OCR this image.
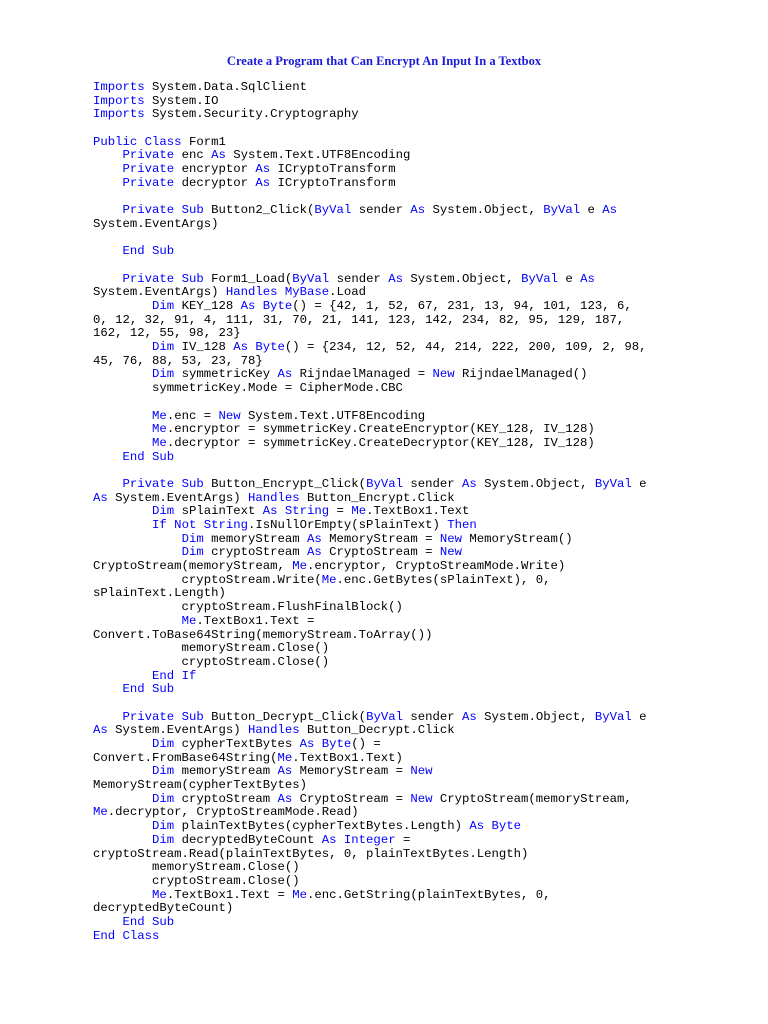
Create a Program that Can Encrypt An Input In a Textbox
Imports System.Data.SqlClient
Imports System.IO
Imports System.Security.Cryptography

Public Class Form1
Private enc As System.Text.UTF8Encoding
Private encryptor As ICryptoTransform
Private decryptor As ICryptoTransform

Private Sub Button2_Click(ByVal sender As System.Object, ByVal e As
System.EventArgs)

End Sub

Private Sub Form1_Load(ByVal sender As System.Object, ByVal e As
System.EventArgs) Handles MyBase.Load
Dim KEY_128 As Byte() = {42, 1, 52, 67, 231, 13, 94, 101, 123, 6,
0, 12, 32, 91, 4, 111, 31, 70, 21, 141, 123, 142, 234, 82, 95, 129, 187,
162, 12, 55, 98, 23}
Dim IV_128 As Byte() = {234, 12, 52, 44, 214, 222, 200, 109, 2, 98,
45, 76, 88, 53, 23, 78}
Dim symmetricKey As RijndaelManaged = New RijndaelManaged()
symmetricKey.Mode = CipherMode.CBC

Me.enc = New System.Text.UTF8Encoding
Me.encryptor = symmetricKey.CreateEncryptor(KEY_128, IV_128)
Me.decryptor = symmetricKey.CreateDecryptor(KEY_128, IV_128)
End Sub

Private Sub Button_Encrypt_Click(ByVal sender As System.Object, ByVal e
As System.EventArgs) Handles Button_Encrypt.Click
Dim sPlainText As String = Me.TextBox1.Text
If Not String.IsNullOrEmpty(sPlainText) Then
Dim memoryStream As MemoryStream = New MemoryStream()
Dim cryptoStream As CryptoStream = New
CryptoStream(memoryStream, Me.encryptor, CryptoStreamMode.Write)
cryptoStream.Write(Me.enc.GetBytes(sPlainText), 0,
sPlainText.Length)
cryptoStream.FlushFinalBlock()
Me.TextBox1.Text =
Convert.ToBase64String(memoryStream.ToArray())
memoryStream.Close()
cryptoStream.Close()
End If
End Sub

Private Sub Button_Decrypt_Click(ByVal sender As System.Object, ByVal e
As System.EventArgs) Handles Button_Decrypt.Click
Dim cypherTextBytes As Byte() =
Convert.FromBase64String(Me.TextBox1.Text)
Dim memoryStream As MemoryStream = New
MemoryStream(cypherTextBytes)
Dim cryptoStream As CryptoStream = New CryptoStream(memoryStream,
Me.decryptor, CryptoStreamMode.Read)
Dim plainTextBytes(cypherTextBytes.Length) As Byte
Dim decryptedByteCount As Integer =
cryptoStream.Read(plainTextBytes, 0, plainTextBytes.Length)
memoryStream.Close()
cryptoStream.Close()
Me.TextBox1.Text = Me.enc.GetString(plainTextBytes, 0,
decryptedByteCount)
End Sub
End Class
